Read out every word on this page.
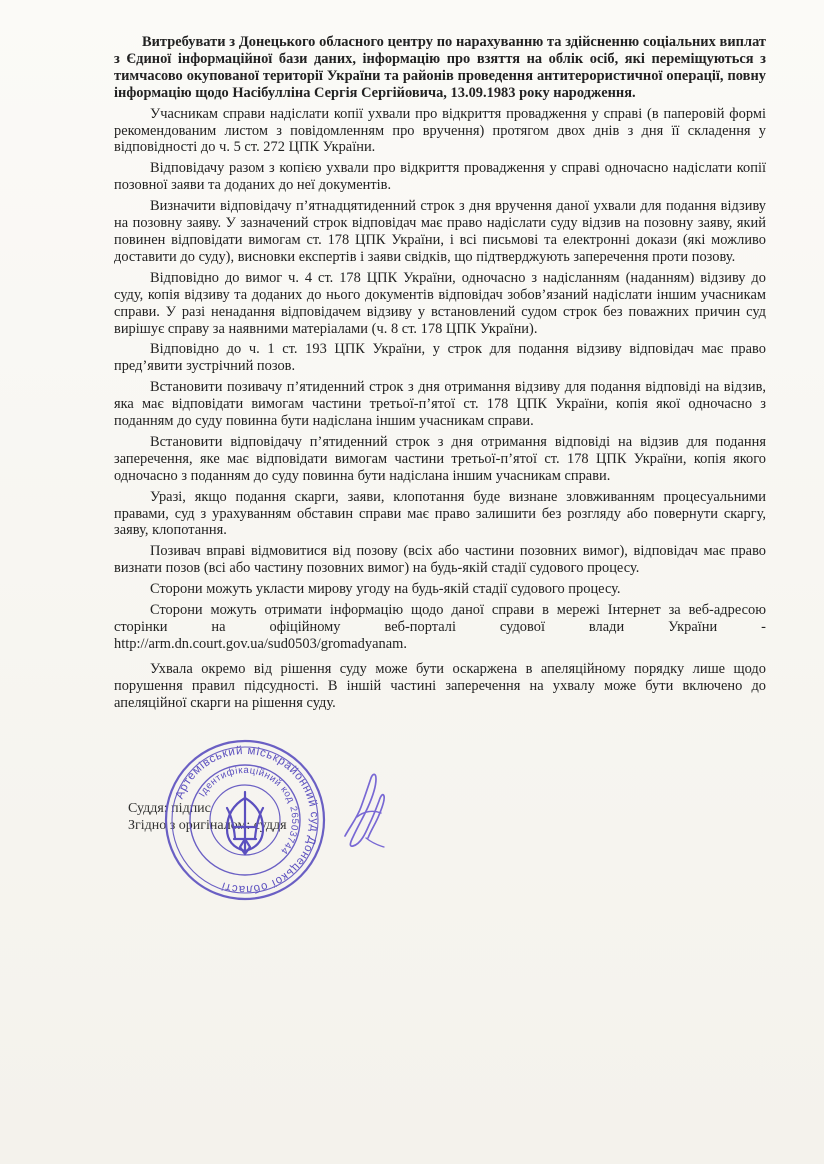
Витребувати з Донецького обласного центру по нарахуванню та здійсненню соціальних виплат з Єдиної інформаційної бази даних, інформацію про взяття на облік осіб, які переміщуються з тимчасово окупованої території України та районів проведення антитерористичної операції, повну інформацію щодо Насібулліна Сергія Сергійовича, 13.09.1983 року народження.

Учасникам справи надіслати копії ухвали про відкриття провадження у справі (в паперовій формі рекомендованим листом з повідомленням про вручення) протягом двох днів з дня її складення у відповідності до ч. 5 ст. 272 ЦПК України.

Відповідачу разом з копією ухвали про відкриття провадження у справі одночасно надіслати копії позовної заяви та доданих до неї документів.

Визначити відповідачу п’ятнадцятиденний строк з дня вручення даної ухвали для подання відзиву на позовну заяву. У зазначений строк відповідач має право надіслати суду відзив на позовну заяву, який повинен відповідати вимогам ст. 178 ЦПК України, і всі письмові та електронні докази (які можливо доставити до суду), висновки експертів і заяви свідків, що підтверджують заперечення проти позову.

Відповідно до вимог ч. 4 ст. 178 ЦПК України, одночасно з надісланням (наданням) відзиву до суду, копія відзиву та доданих до нього документів відповідач зобов’язаний надіслати іншим учасникам справи. У разі ненадання відповідачем відзиву у встановлений судом строк без поважних причин суд вирішує справу за наявними матеріалами (ч. 8 ст. 178 ЦПК України).

Відповідно до ч. 1 ст. 193 ЦПК України, у строк для подання відзиву відповідач має право пред’явити зустрічний позов.

Встановити позивачу п’ятиденний строк з дня отримання відзиву для подання відповіді на відзив, яка має відповідати вимогам частини третьої-п’ятої ст. 178 ЦПК України, копія якої одночасно з поданням до суду повинна бути надіслана іншим учасникам справи.

Встановити відповідачу п’ятиденний строк з дня отримання відповіді на відзив для подання заперечення, яке має відповідати вимогам частини третьої-п’ятої ст. 178 ЦПК України, копія якого одночасно з поданням до суду повинна бути надіслана іншим учасникам справи.

Уразі, якщо подання скарги, заяви, клопотання буде визнане зловживанням процесуальними правами, суд з урахуванням обставин справи має право залишити без розгляду або повернути скаргу, заяву, клопотання.

Позивач вправі відмовитися від позову (всіх або частини позовних вимог), відповідач має право визнати позов (всі або частину позовних вимог) на будь-якій стадії судового процесу.

Сторони можуть укласти мирову угоду на будь-якій стадії судового процесу.

Сторони можуть отримати інформацію щодо даної справи в мережі Інтернет за веб-адресою сторінки на офіційному веб-порталі судової влади України - http://arm.dn.court.gov.ua/sud0503/gromadyanam.

Ухвала окремо від рішення суду може бути оскаржена в апеляційному порядку лише щодо порушення правил підсудності. В іншій частині заперечення на ухвалу може бути включено до апеляційної скарги на рішення суду.

Суддя: підпис
Згідно з оригіналом: суддя
Артемівський міськрайонний суд Донецької області
Ідентифікаційний код 26503744
